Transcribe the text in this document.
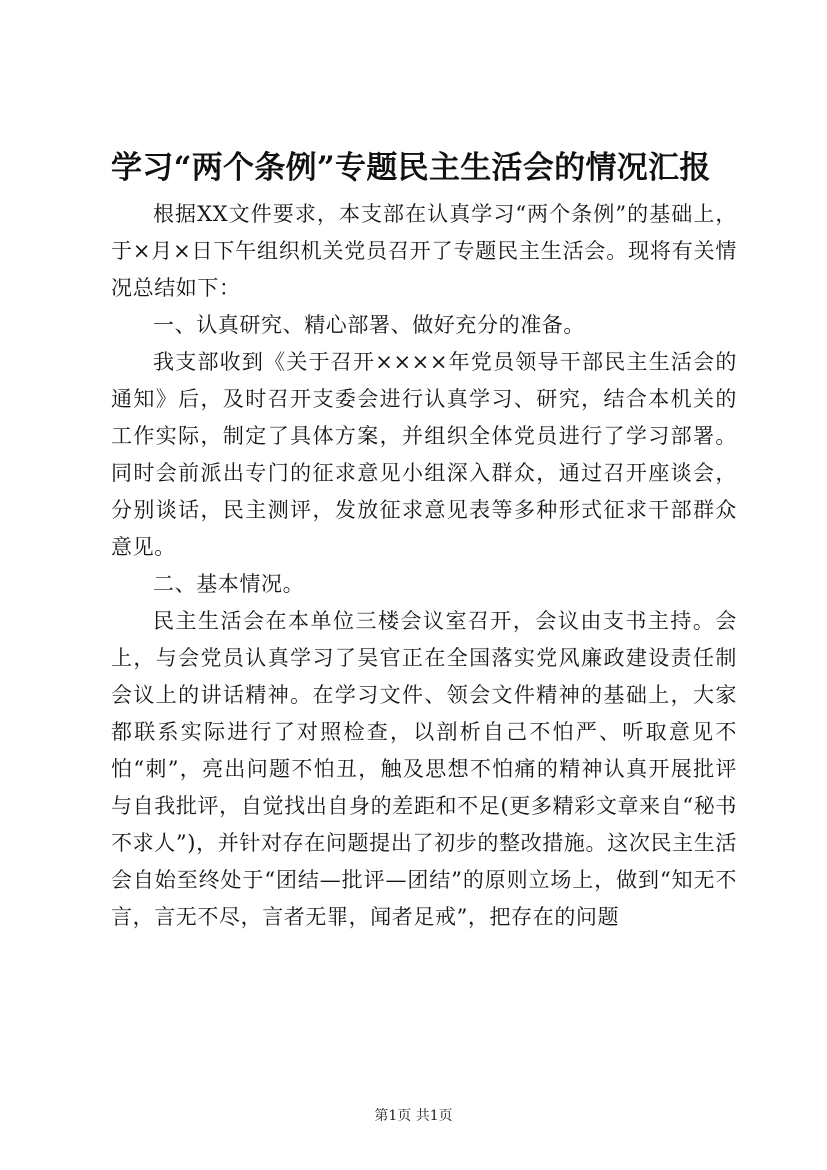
学习“两个条例”专题民主生活会的情况汇报

根据XX文件要求，本支部在认真学习“两个条例”的基础上，于×月×日下午组织机关党员召开了专题民主生活会。现将有关情况总结如下：

一、认真研究、精心部署、做好充分的准备。

我支部收到《关于召开××××年党员领导干部民主生活会的通知》后，及时召开支委会进行认真学习、研究，结合本机关的工作实际，制定了具体方案，并组织全体党员进行了学习部署。同时会前派出专门的征求意见小组深入群众，通过召开座谈会，分别谈话，民主测评，发放征求意见表等多种形式征求干部群众意见。

二、基本情况。

民主生活会在本单位三楼会议室召开，会议由支书主持。会上，与会党员认真学习了吴官正在全国落实党风廉政建设责任制会议上的讲话精神。在学习文件、领会文件精神的基础上，大家都联系实际进行了对照检查，以剖析自己不怕严、听取意见不怕“刺”，亮出问题不怕丑，触及思想不怕痛的精神认真开展批评与自我批评，自觉找出自身的差距和不足(更多精彩文章来自“秘书不求人”)，并针对存在问题提出了初步的整改措施。这次民主生活会自始至终处于“团结—批评—团结”的原则立场上，做到“知无不言，言无不尽，言者无罪，闻者足戒”，把存在的问题

第1页 共1页
